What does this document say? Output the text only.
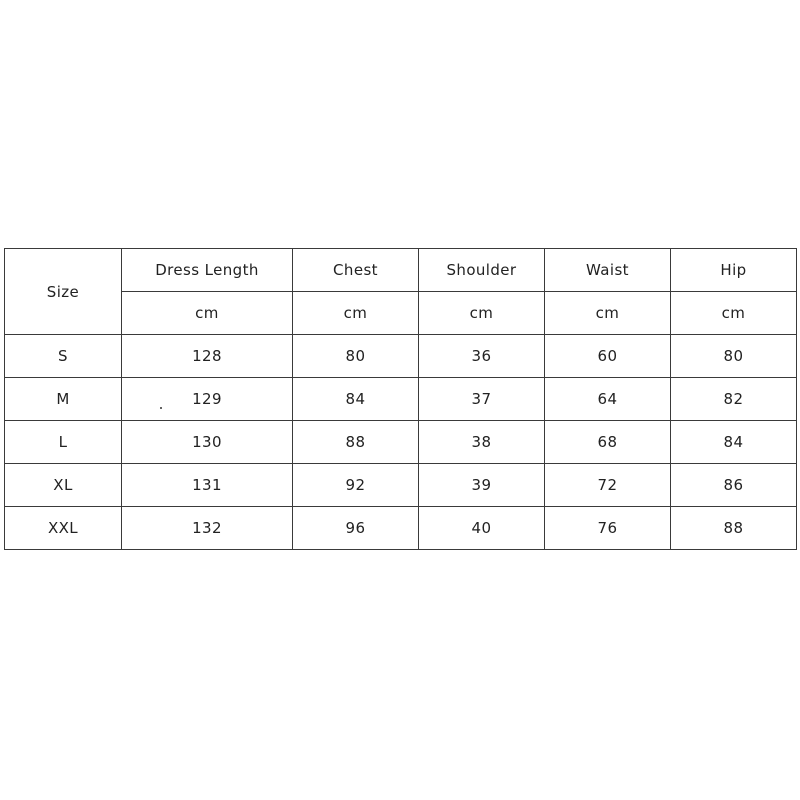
Size	Dress Length	Chest	Shoulder	Waist	Hip
	cm	cm	cm	cm	cm
S	128	80	36	60	80
M	129	84	37	64	82
L	130	88	38	68	84
XL	131	92	39	72	86
XXL	132	96	40	76	88
